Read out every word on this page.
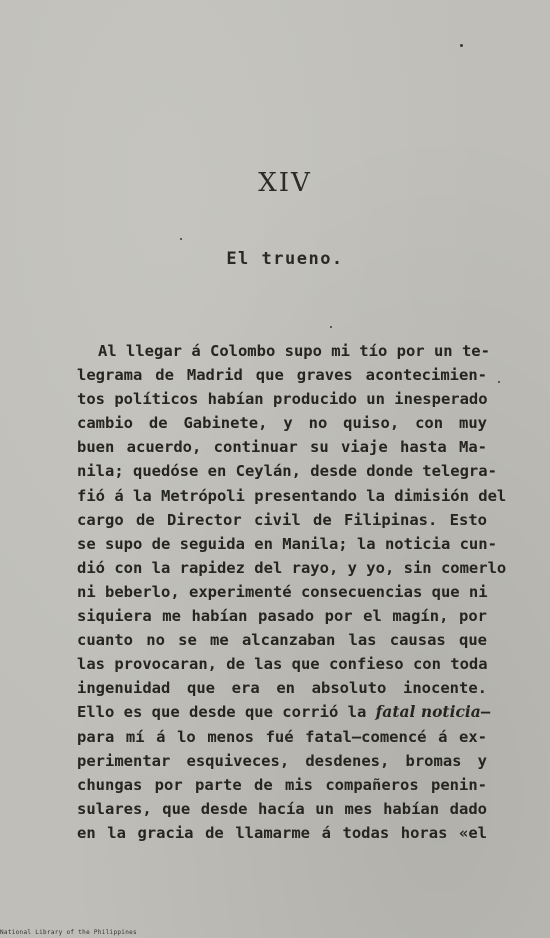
XIV
El trueno.
Al llegar á Colombo supo mi tío por un te-
legrama de Madrid que graves acontecimien-
tos políticos habían producido un inesperado
cambio de Gabinete, y no quiso, con muy
buen acuerdo, continuar su viaje hasta Ma-
nila; quedóse en Ceylán, desde donde telegra-
fió á la Metrópoli presentando la dimisión del
cargo de Director civil de Filipinas. Esto
se supo de seguida en Manila; la noticia cun-
dió con la rapidez del rayo, y yo, sin comerlo
ni beberlo, experimenté consecuencias que ni
siquiera me habían pasado por el magín, por
cuanto no se me alcanzaban las causas que
las provocaran, de las que confieso con toda
ingenuidad que era en absoluto inocente.
Ello es que desde que corrió la fatal noticia—
para mí á lo menos fué fatal—comencé á ex-
perimentar esquiveces, desdenes, bromas y
chungas por parte de mis compañeros penin-
sulares, que desde hacía un mes habían dado
en la gracia de llamarme á todas horas «el
National Library of the Philippines
